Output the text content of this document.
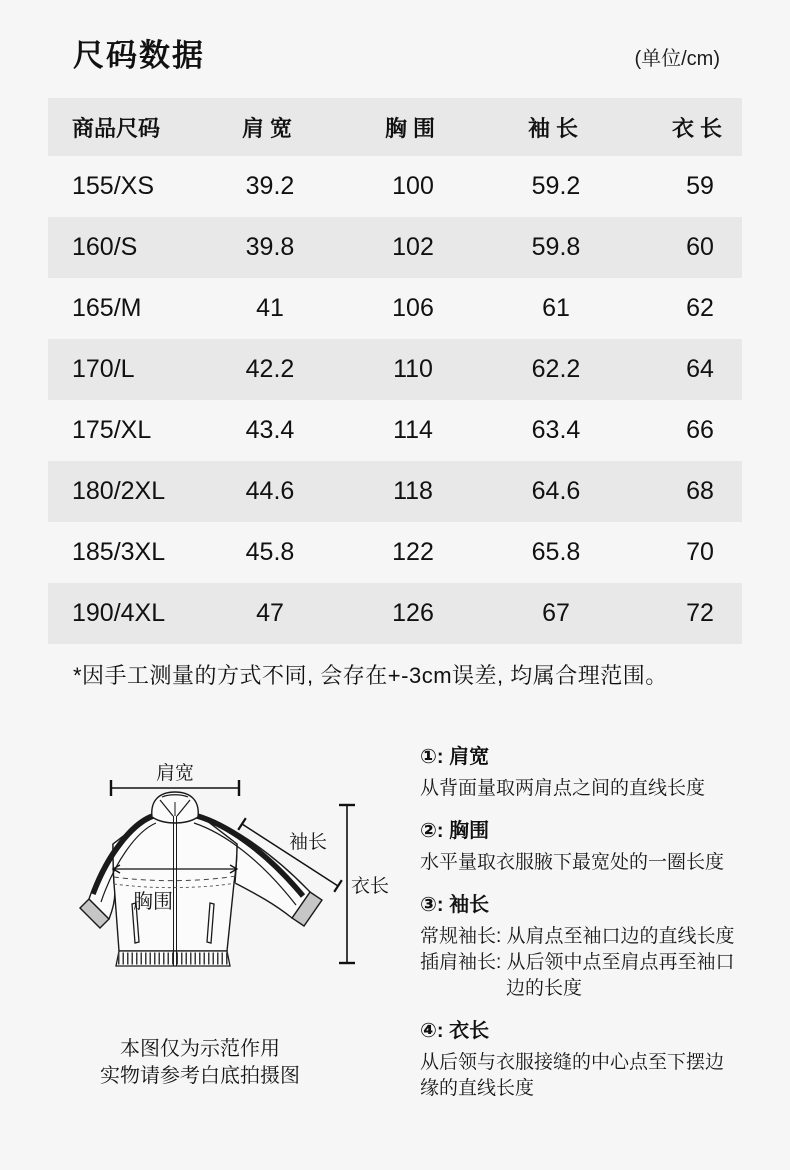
尺码数据	(单位/cm)
商品尺码	肩宽	胸围	袖长	衣长
155/XS	39.2	100	59.2	59
160/S	39.8	102	59.8	60
165/M	41	106	61	62
170/L	42.2	110	62.2	64
175/XL	43.4	114	63.4	66
180/2XL	44.6	118	64.6	68
185/3XL	45.8	122	65.8	70
190/4XL	47	126	67	72

*因手工测量的方式不同, 会存在+-3cm误差, 均属合理范围。

肩宽
袖长
衣长
胸围
本图仅为示范作用
实物请参考白底拍摄图
①: 肩宽
从背面量取两肩点之间的直线长度
②: 胸围
水平量取衣服腋下最宽处的一圈长度
③: 袖长
常规袖长: 从肩点至袖口边的直线长度
插肩袖长: 从后领中点至肩点再至袖口
边的长度
④: 衣长
从后领与衣服接缝的中心点至下摆边
缘的直线长度
